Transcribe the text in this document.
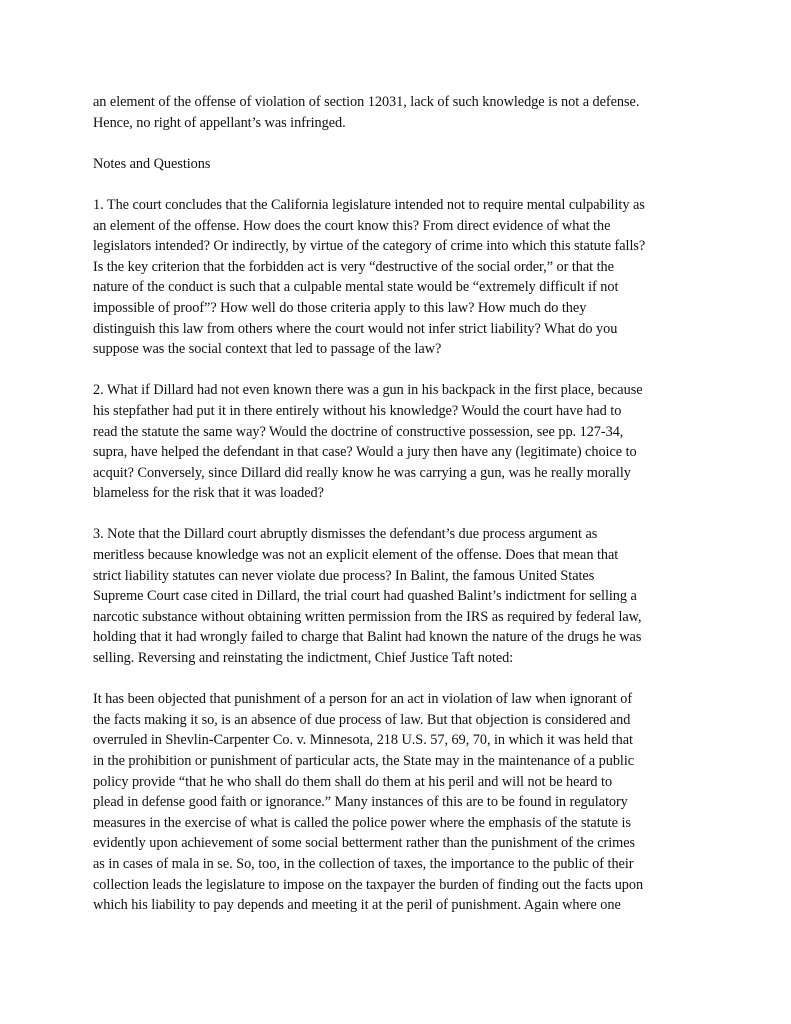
an element of the offense of violation of section 12031, lack of such knowledge is not a defense.
Hence, no right of appellant’s was infringed.
Notes and Questions
1. The court concludes that the California legislature intended not to require mental culpability as
an element of the offense. How does the court know this? From direct evidence of what the
legislators intended? Or indirectly, by virtue of the category of crime into which this statute falls?
Is the key criterion that the forbidden act is very “destructive of the social order,” or that the
nature of the conduct is such that a culpable mental state would be “extremely difficult if not
impossible of proof”? How well do those criteria apply to this law? How much do they
distinguish this law from others where the court would not infer strict liability? What do you
suppose was the social context that led to passage of the law?
2. What if Dillard had not even known there was a gun in his backpack in the first place, because
his stepfather had put it in there entirely without his knowledge? Would the court have had to
read the statute the same way? Would the doctrine of constructive possession, see pp. 127-34,
supra, have helped the defendant in that case? Would a jury then have any (legitimate) choice to
acquit? Conversely, since Dillard did really know he was carrying a gun, was he really morally
blameless for the risk that it was loaded?
3. Note that the Dillard court abruptly dismisses the defendant’s due process argument as
meritless because knowledge was not an explicit element of the offense. Does that mean that
strict liability statutes can never violate due process? In Balint, the famous United States
Supreme Court case cited in Dillard, the trial court had quashed Balint’s indictment for selling a
narcotic substance without obtaining written permission from the IRS as required by federal law,
holding that it had wrongly failed to charge that Balint had known the nature of the drugs he was
selling. Reversing and reinstating the indictment, Chief Justice Taft noted:
It has been objected that punishment of a person for an act in violation of law when ignorant of
the facts making it so, is an absence of due process of law. But that objection is considered and
overruled in Shevlin-Carpenter Co. v. Minnesota, 218 U.S. 57, 69, 70, in which it was held that
in the prohibition or punishment of particular acts, the State may in the maintenance of a public
policy provide “that he who shall do them shall do them at his peril and will not be heard to
plead in defense good faith or ignorance.” Many instances of this are to be found in regulatory
measures in the exercise of what is called the police power where the emphasis of the statute is
evidently upon achievement of some social betterment rather than the punishment of the crimes
as in cases of mala in se. So, too, in the collection of taxes, the importance to the public of their
collection leads the legislature to impose on the taxpayer the burden of finding out the facts upon
which his liability to pay depends and meeting it at the peril of punishment. Again where one
